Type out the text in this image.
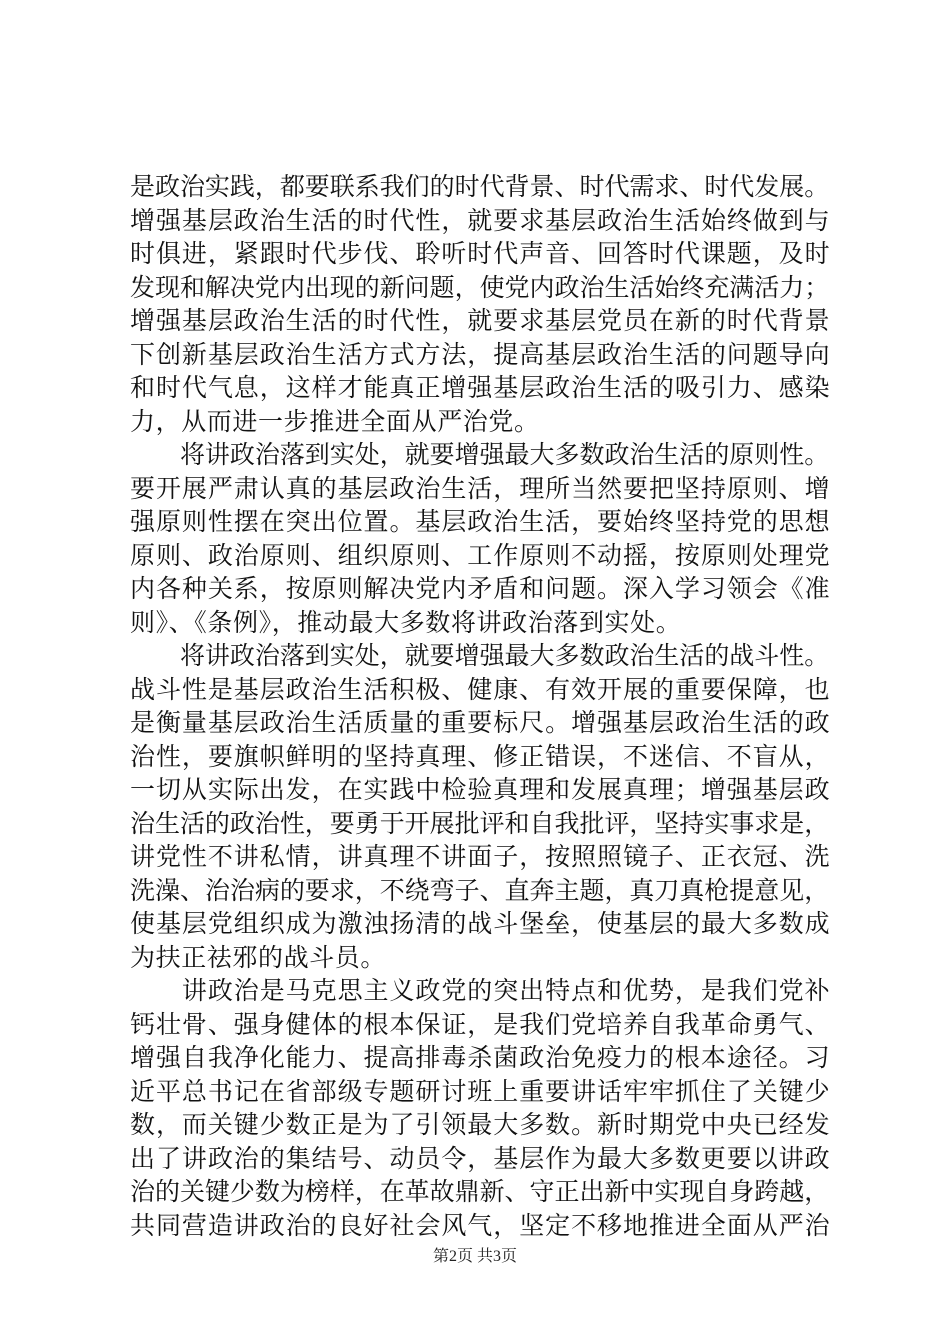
是政治实践，都要联系我们的时代背景、时代需求、时代发展。
增强基层政治生活的时代性，就要求基层政治生活始终做到与
时俱进，紧跟时代步伐、聆听时代声音、回答时代课题，及时
发现和解决党内出现的新问题，使党内政治生活始终充满活力；
增强基层政治生活的时代性，就要求基层党员在新的时代背景
下创新基层政治生活方式方法，提高基层政治生活的问题导向
和时代气息，这样才能真正增强基层政治生活的吸引力、感染
力，从而进一步推进全面从严治党。
　　将讲政治落到实处，就要增强最大多数政治生活的原则性。
要开展严肃认真的基层政治生活，理所当然要把坚持原则、增
强原则性摆在突出位置。基层政治生活，要始终坚持党的思想
原则、政治原则、组织原则、工作原则不动摇，按原则处理党
内各种关系，按原则解决党内矛盾和问题。深入学习领会《准
则》、《条例》，推动最大多数将讲政治落到实处。
　　将讲政治落到实处，就要增强最大多数政治生活的战斗性。
战斗性是基层政治生活积极、健康、有效开展的重要保障，也
是衡量基层政治生活质量的重要标尺。增强基层政治生活的政
治性，要旗帜鲜明的坚持真理、修正错误，不迷信、不盲从，
一切从实际出发，在实践中检验真理和发展真理；增强基层政
治生活的政治性，要勇于开展批评和自我批评，坚持实事求是，
讲党性不讲私情，讲真理不讲面子，按照照镜子、正衣冠、洗
洗澡、治治病的要求，不绕弯子、直奔主题，真刀真枪提意见，
使基层党组织成为激浊扬清的战斗堡垒，使基层的最大多数成
为扶正祛邪的战斗员。
　　讲政治是马克思主义政党的突出特点和优势，是我们党补
钙壮骨、强身健体的根本保证，是我们党培养自我革命勇气、
增强自我净化能力、提高排毒杀菌政治免疫力的根本途径。习
近平总书记在省部级专题研讨班上重要讲话牢牢抓住了关键少
数，而关键少数正是为了引领最大多数。新时期党中央已经发
出了讲政治的集结号、动员令，基层作为最大多数更要以讲政
治的关键少数为榜样，在革故鼎新、守正出新中实现自身跨越，
共同营造讲政治的良好社会风气，坚定不移地推进全面从严治
第2页 共3页
